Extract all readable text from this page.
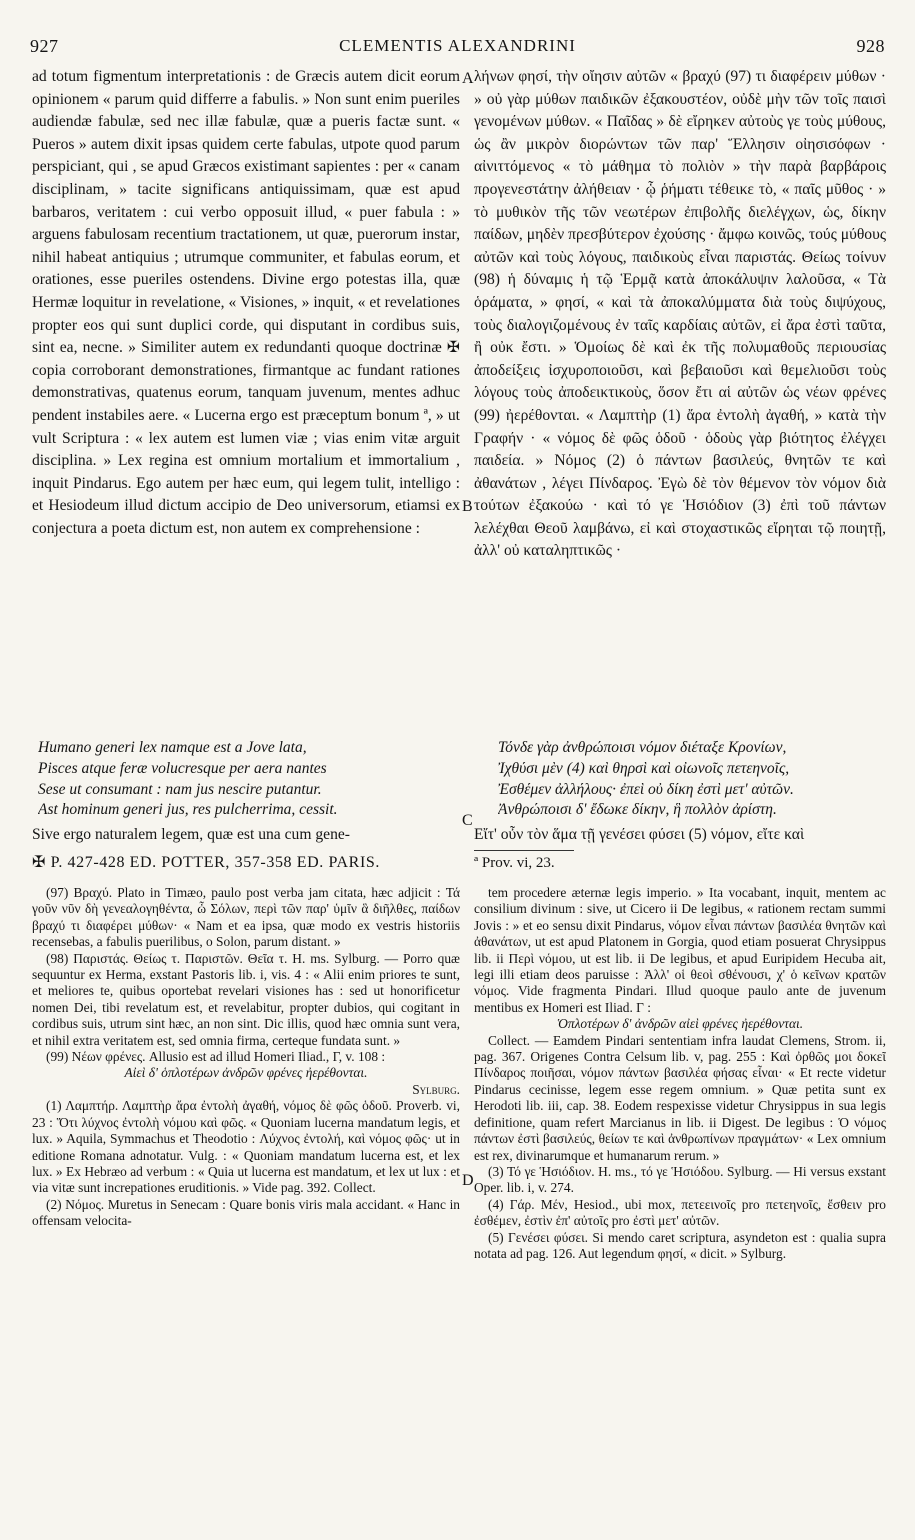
927	CLEMENTIS ALEXANDRINI	928

ad totum figmentum interpretationis : de Græcis autem dicit eorum opinionem « parum quid differre a fabulis. » Non sunt enim pueriles audiendæ fabulæ, sed nec illæ fabulæ, quæ a pueris factæ sunt. « Pueros » autem dixit ipsas quidem certe fabulas, utpote quod parum perspiciant, qui , se apud Græcos existimant sapientes : per « canam disciplinam, » tacite significans antiquissimam, quæ est apud barbaros, veritatem : cui verbo opposuit illud, « puer fabula : » arguens fabulosam recentium tractationem, ut quæ, puerorum instar, nihil habeat antiquius ; utrumque communiter, et fabulas eorum, et orationes, esse pueriles ostendens. Divine ergo potestas illa, quæ Hermæ loquitur in revelatione, « Visiones, » inquit, « et revelationes propter eos qui sunt duplici corde, qui disputant in cordibus suis, sint ea, necne. » Similiter autem ex redundanti quoque doctrinæ ✠ copia corroborant demonstrationes, firmantque ac fundant rationes demonstrativas, quatenus eorum, tanquam juvenum, mentes adhuc pendent instabiles aere. « Lucerna ergo est præceptum bonum ª, » ut vult Scriptura : « lex autem est lumen viæ ; vias enim vitæ arguit disciplina. » Lex regina est omnium mortalium et immortalium , inquit Pindarus. Ego autem per hæc eum, qui legem tulit, intelligo : et Hesiodeum illud dictum accipio de Deo universorum, etiamsi ex conjectura a poeta dictum est, non autem ex comprehensione :

λήνων φησί, τὴν οἴησιν αὐτῶν « βραχύ (97) τι διαφέρειν μύθων · » οὐ γὰρ μύθων παιδικῶν ἐξακουστέον, οὐδὲ μὴν τῶν τοῖς παισὶ γενομένων μύθων. « Παῖδας » δὲ εἴρηκεν αὐτοὺς γε τοὺς μύθους, ὡς ἂν μικρὸν διορώντων τῶν παρ' Ἕλλησιν οἰησισόφων · αἰνιττόμενος « τὸ μάθημα τὸ πολιὸν » τὴν παρὰ βαρβάροις προγενεστάτην ἀλήθειαν · ᾧ ῥήματι τέθεικε τὸ, « παῖς μῦθος · » τὸ μυθικὸν τῆς τῶν νεωτέρων ἐπιβολῆς διελέγχων, ὡς, δίκην παίδων, μηδὲν πρεσβύτερον ἐχούσης · ἄμφω κοινῶς, τούς μύθους αὐτῶν καὶ τοὺς λόγους, παιδικοὺς εἶναι παριστάς. Θείως τοίνυν (98) ἡ δύναμις ἡ τῷ Ἑρμᾷ κατὰ ἀποκάλυψιν λαλοῦσα, « Τὰ ὁράματα, » φησί, « καὶ τὰ ἀποκαλύμματα διὰ τοὺς διψύχους, τοὺς διαλογιζομένους ἐν ταῖς καρδίαις αὐτῶν, εἰ ἄρα ἐστὶ ταῦτα, ἢ οὐκ ἔστι. » Ὁμοίως δὲ καὶ ἐκ τῆς πολυμαθοῦς περιουσίας ἀποδείξεις ἰσχυροποιοῦσι, καὶ βεβαιοῦσι καὶ θεμελιοῦσι τοὺς λόγους τοὺς ἀποδεικτικοὺς, ὅσον ἔτι αἱ αὐτῶν ὡς νέων φρένες (99) ἠερέθονται. « Λαμπτὴρ (1) ἄρα ἐντολὴ ἀγαθή, » κατὰ τὴν Γραφήν · « νόμος δὲ φῶς ὁδοῦ · ὁδοὺς γὰρ βιότητος ἐλέγχει παιδεία. » Νόμος (2) ὁ πάντων βασιλεύς, θνητῶν τε καὶ ἀθανάτων , λέγει Πίνδαρος. Ἐγὼ δὲ τὸν θέμενον τὸν νόμον διὰ τούτων ἐξακούω · καὶ τό γε Ἡσιόδιον (3) ἐπὶ τοῦ πάντων λελέχθαι Θεοῦ λαμβάνω, εἰ καὶ στοχαστικῶς εἴρηται τῷ ποιητῇ, ἀλλ' οὐ καταληπτικῶς ·

A
B
C
D
Humano generi lex namque est a Jove lata,
Pisces atque feræ volucresque per aera nantes
Sese ut consumant : nam jus nescire putantur.
Ast hominum generi jus, res pulcherrima, cessit.
Τόνδε γὰρ ἀνθρώποισι νόμον διέταξε Κρονίων,
Ἰχθύσι μὲν (4) καὶ θηρσὶ καὶ οἰωνοῖς πετεηνοῖς,
Ἐσθέμεν ἀλλήλους· ἐπεὶ οὐ δίκη ἐστὶ μετ' αὐτῶν.
Ἀνθρώποισι δ' ἔδωκε δίκην, ἣ πολλὸν ἀρίστη.

Sive ergo naturalem legem, quæ est una cum gene-	Εἴτ' οὖν τὸν ἅμα τῇ γενέσει φύσει (5) νόμον, εἴτε καὶ

✠ P. 427-428 ED. POTTER, 357-358 ED. PARIS.	ª Prov. vi, 23.

(97) Βραχύ. Plato in Timæo, paulo post verba jam citata, hæc adjicit : Τά γοῦν νῦν δὴ γενεαλογηθέντα, ὦ Σόλων, περὶ τῶν παρ' ὑμῖν ἃ διῆλθες, παίδων βραχύ τι διαφέρει μύθων· « Nam et ea ipsa, quæ modo ex vestris historiis recensebas, a fabulis puerilibus, o Solon, parum distant. »

(98) Παριστάς. Θείως τ. Παριστῶν. Θεῖα τ. H. ms. Sylburg. — Porro quæ sequuntur ex Herma, exstant Pastoris lib. i, vis. 4 : « Alii enim priores te sunt, et meliores te, quibus oportebat revelari visiones has : sed ut honorificetur nomen Dei, tibi revelatum est, et revelabitur, propter dubios, qui cogitant in cordibus suis, utrum sint hæc, an non sint. Dic illis, quod hæc omnia sunt vera, et nihil extra veritatem est, sed omnia firma, certeque fundata sunt. »

(99) Νέων φρένες. Allusio est ad illud Homeri Iliad., Γ, v. 108 :

Αἰεὶ δ' ὁπλοτέρων ἀνδρῶν φρένες ἠερέθονται.

Sylburg.

(1) Λαμπτήρ. Λαμπτὴρ ἄρα ἐντολὴ ἀγαθή, νόμος δὲ φῶς ὁδοῦ. Proverb. vi, 23 : Ὅτι λύχνος ἐντολὴ νόμου καὶ φῶς. « Quoniam lucerna mandatum legis, et lux. » Aquila, Symmachus et Theodotio : Λύχνος ἐντολή, καὶ νόμος φῶς· ut in editione Romana adnotatur. Vulg. : « Quoniam mandatum lucerna est, et lex lux. » Ex Hebræo ad verbum : « Quia ut lucerna est mandatum, et lex ut lux : et via vitæ sunt increpationes eruditionis. » Vide pag. 392. Collect.

(2) Νόμος. Muretus in Senecam : Quare bonis viris mala accidant. « Hanc in offensam velocita-

tem procedere æternæ legis imperio. » Ita vocabant, inquit, mentem ac consilium divinum : sive, ut Cicero ii De legibus, « rationem rectam summi Jovis : » et eo sensu dixit Pindarus, νόμον εἶναι πάντων βασιλέα θνητῶν καὶ ἀθανάτων, ut est apud Platonem in Gorgia, quod etiam posuerat Chrysippus lib. ii Περὶ νόμου, ut est lib. ii De legibus, et apud Euripidem Hecuba ait, legi illi etiam deos paruisse : Ἀλλ' οἱ θεοὶ σθένουσι, χ' ὁ κεῖνων κρατῶν νόμος. Vide fragmenta Pindari. Illud quoque paulo ante de juvenum mentibus ex Homeri est Iliad. Γ :

Ὁπλοτέρων δ' ἀνδρῶν αἰεὶ φρένες ἠερέθονται.

Collect. — Eamdem Pindari sententiam infra laudat Clemens, Strom. ii, pag. 367. Origenes Contra Celsum lib. v, pag. 255 : Καὶ ὀρθῶς μοι δοκεῖ Πίνδαρος ποιῆσαι, νόμον πάντων βασιλέα φήσας εἶναι· « Et recte videtur Pindarus cecinisse, legem esse regem omnium. » Quæ petita sunt ex Herodoti lib. iii, cap. 38. Eodem respexisse videtur Chrysippus in sua legis definitione, quam refert Marcianus in lib. ii Digest. De legibus : Ὁ νόμος πάντων ἐστὶ βασιλεύς, θείων τε καὶ ἀνθρωπίνων πραγμάτων· « Lex omnium est rex, divinarumque et humanarum rerum. »

(3) Τό γε Ἡσιόδιον. H. ms., τό γε Ἡσιόδου. Sylburg. — Hi versus exstant Oper. lib. i, v. 274.

(4) Γάρ. Μέν, Hesiod., ubi mox, πετεεινοῖς pro πετεηνοῖς, ἔσθειν pro ἐσθέμεν, ἐστὶν ἐπ' αὐτοῖς pro ἐστὶ μετ' αὐτῶν.

(5) Γενέσει φύσει. Si mendo caret scriptura, asyndeton est : qualia supra notata ad pag. 126. Aut legendum φησί, « dicit. » Sylburg.
